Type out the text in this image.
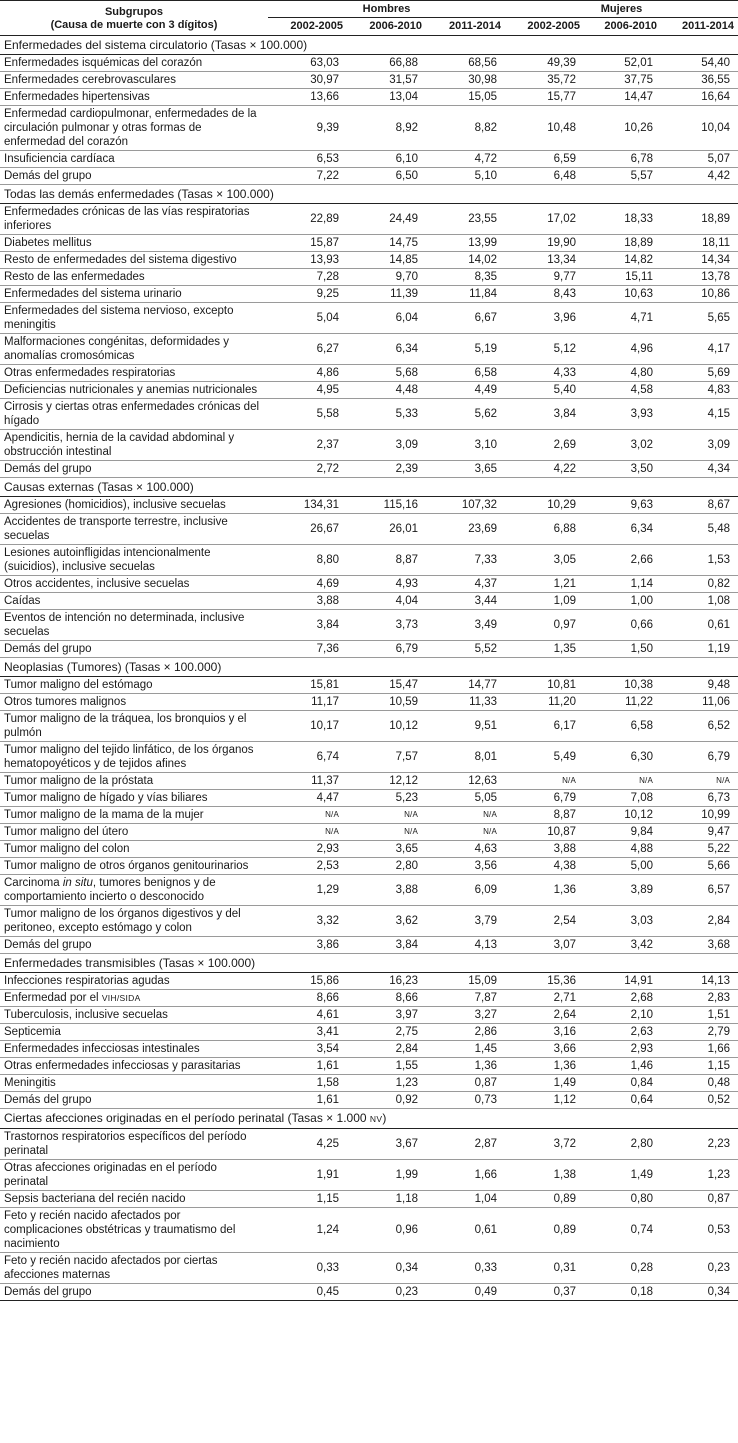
Subgrupos
(Causa de muerte con 3 dígitos)	Hombres			Mujeres		
	2002-2005	2006-2010	2011-2014	2002-2005	2006-2010	2011-2014
Enfermedades del sistema circulatorio (Tasas × 100.000)						
Enfermedades isquémicas del corazón	63,03	66,88	68,56	49,39	52,01	54,40
Enfermedades cerebrovasculares	30,97	31,57	30,98	35,72	37,75	36,55
Enfermedades hipertensivas	13,66	13,04	15,05	15,77	14,47	16,64
Enfermedad cardiopulmonar, enfermedades de la circulación pulmonar y otras formas de enfermedad del corazón	9,39	8,92	8,82	10,48	10,26	10,04
Insuficiencia cardíaca	6,53	6,10	4,72	6,59	6,78	5,07
Demás del grupo	7,22	6,50	5,10	6,48	5,57	4,42
Todas las demás enfermedades (Tasas × 100.000)						
Enfermedades crónicas de las vías respiratorias inferiores	22,89	24,49	23,55	17,02	18,33	18,89
Diabetes mellitus	15,87	14,75	13,99	19,90	18,89	18,11
Resto de enfermedades del sistema digestivo	13,93	14,85	14,02	13,34	14,82	14,34
Resto de las enfermedades	7,28	9,70	8,35	9,77	15,11	13,78
Enfermedades del sistema urinario	9,25	11,39	11,84	8,43	10,63	10,86
Enfermedades del sistema nervioso, excepto meningitis	5,04	6,04	6,67	3,96	4,71	5,65
Malformaciones congénitas, deformidades y anomalías cromosómicas	6,27	6,34	5,19	5,12	4,96	4,17
Otras enfermedades respiratorias	4,86	5,68	6,58	4,33	4,80	5,69
Deficiencias nutricionales y anemias nutricionales	4,95	4,48	4,49	5,40	4,58	4,83
Cirrosis y ciertas otras enfermedades crónicas del hígado	5,58	5,33	5,62	3,84	3,93	4,15
Apendicitis, hernia de la cavidad abdominal y obstrucción intestinal	2,37	3,09	3,10	2,69	3,02	3,09
Demás del grupo	2,72	2,39	3,65	4,22	3,50	4,34
Causas externas (Tasas × 100.000)						
Agresiones (homicidios), inclusive secuelas	134,31	115,16	107,32	10,29	9,63	8,67
Accidentes de transporte terrestre, inclusive secuelas	26,67	26,01	23,69	6,88	6,34	5,48
Lesiones autoinfligidas intencionalmente (suicidios), inclusive secuelas	8,80	8,87	7,33	3,05	2,66	1,53
Otros accidentes, inclusive secuelas	4,69	4,93	4,37	1,21	1,14	0,82
Caídas	3,88	4,04	3,44	1,09	1,00	1,08
Eventos de intención no determinada, inclusive secuelas	3,84	3,73	3,49	0,97	0,66	0,61
Demás del grupo	7,36	6,79	5,52	1,35	1,50	1,19
Neoplasias (Tumores) (Tasas × 100.000)						
Tumor maligno del estómago	15,81	15,47	14,77	10,81	10,38	9,48
Otros tumores malignos	11,17	10,59	11,33	11,20	11,22	11,06
Tumor maligno de la tráquea, los bronquios y el pulmón	10,17	10,12	9,51	6,17	6,58	6,52
Tumor maligno del tejido linfático, de los órganos hematopoyéticos y de tejidos afines	6,74	7,57	8,01	5,49	6,30	6,79
Tumor maligno de la próstata	11,37	12,12	12,63	N/A	N/A	N/A
Tumor maligno de hígado y vías biliares	4,47	5,23	5,05	6,79	7,08	6,73
Tumor maligno de la mama de la mujer	N/A	N/A	N/A	8,87	10,12	10,99
Tumor maligno del útero	N/A	N/A	N/A	10,87	9,84	9,47
Tumor maligno del colon	2,93	3,65	4,63	3,88	4,88	5,22
Tumor maligno de otros órganos genitourinarios	2,53	2,80	3,56	4,38	5,00	5,66
Carcinoma in situ, tumores benignos y de comportamiento incierto o desconocido	1,29	3,88	6,09	1,36	3,89	6,57
Tumor maligno de los órganos digestivos y del peritoneo, excepto estómago y colon	3,32	3,62	3,79	2,54	3,03	2,84
Demás del grupo	3,86	3,84	4,13	3,07	3,42	3,68
Enfermedades transmisibles (Tasas × 100.000)						
Infecciones respiratorias agudas	15,86	16,23	15,09	15,36	14,91	14,13
Enfermedad por el VIH/SIDA	8,66	8,66	7,87	2,71	2,68	2,83
Tuberculosis, inclusive secuelas	4,61	3,97	3,27	2,64	2,10	1,51
Septicemia	3,41	2,75	2,86	3,16	2,63	2,79
Enfermedades infecciosas intestinales	3,54	2,84	1,45	3,66	2,93	1,66
Otras enfermedades infecciosas y parasitarias	1,61	1,55	1,36	1,36	1,46	1,15
Meningitis	1,58	1,23	0,87	1,49	0,84	0,48
Demás del grupo	1,61	0,92	0,73	1,12	0,64	0,52
Ciertas afecciones originadas en el período perinatal (Tasas × 1.000 NV)						
Trastornos respiratorios específicos del período perinatal	4,25	3,67	2,87	3,72	2,80	2,23
Otras afecciones originadas en el período perinatal	1,91	1,99	1,66	1,38	1,49	1,23
Sepsis bacteriana del recién nacido	1,15	1,18	1,04	0,89	0,80	0,87
Feto y recién nacido afectados por complicaciones obstétricas y traumatismo del nacimiento	1,24	0,96	0,61	0,89	0,74	0,53
Feto y recién nacido afectados por ciertas afecciones maternas	0,33	0,34	0,33	0,31	0,28	0,23
Demás del grupo	0,45	0,23	0,49	0,37	0,18	0,34
